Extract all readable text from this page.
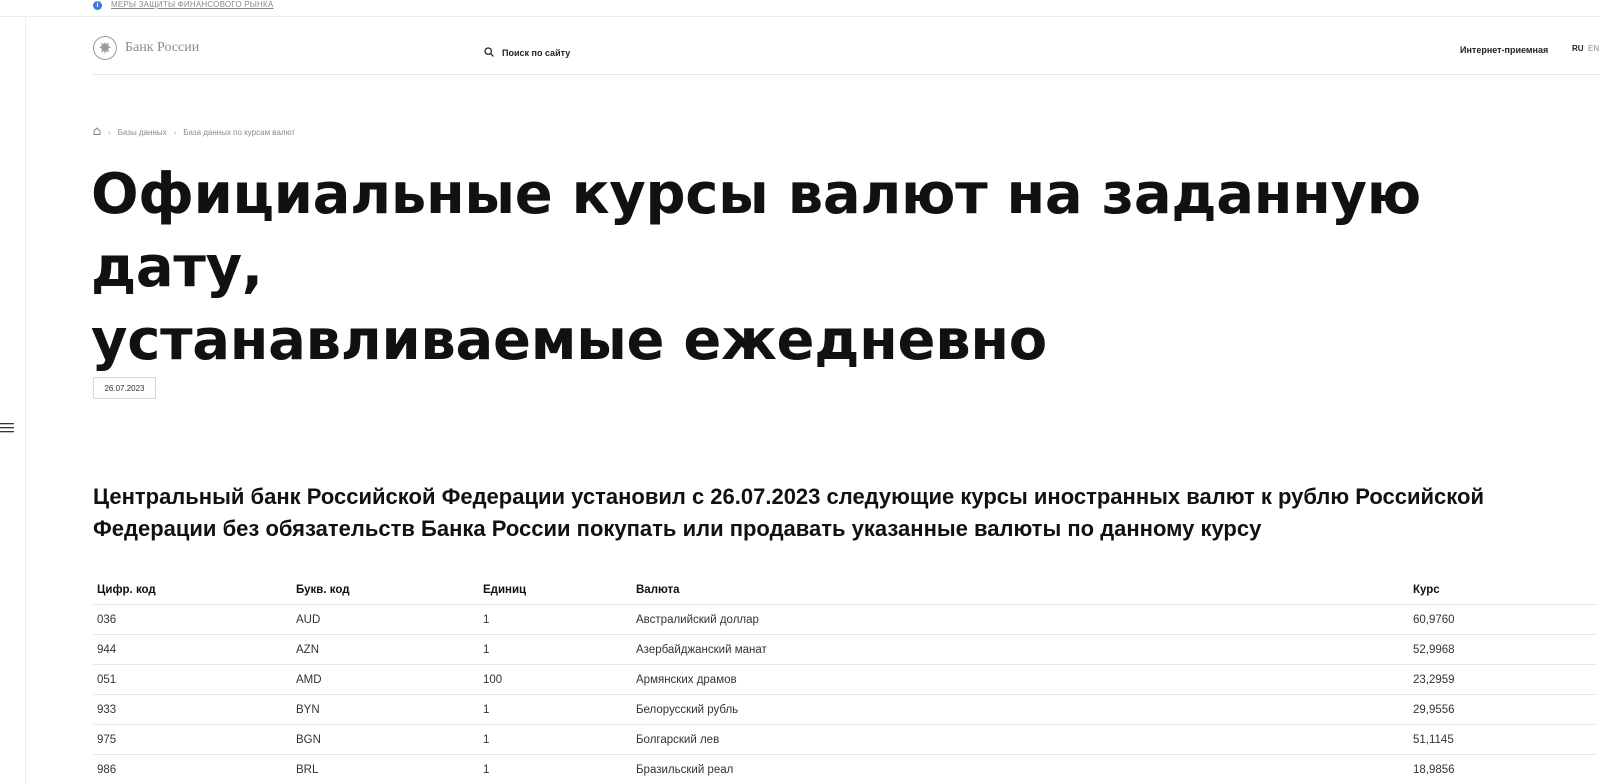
i	МЕРЫ ЗАЩИТЫ ФИНАНСОВОГО РЫНКА
Банк России	Поиск по сайту	Интернет-приемная	RU EN
› Базы данных › База данных по курсам валют
Официальные курсы валют на заданную дату,
устанавливаемые ежедневно
26.07.2023

Центральный банк Российской Федерации установил с 26.07.2023 следующие курсы иностранных валют к рублю Российской Федерации без обязательств Банка России покупать или продавать указанные валюты по данному курсу

Цифр. код	Букв. код	Единиц	Валюта	Курс
036	AUD	1	Австралийский доллар	60,9760
944	AZN	1	Азербайджанский манат	52,9968
051	AMD	100	Армянских драмов	23,2959
933	BYN	1	Белорусский рубль	29,9556
975	BGN	1	Болгарский лев	51,1145
986	BRL	1	Бразильский реал	18,9856
